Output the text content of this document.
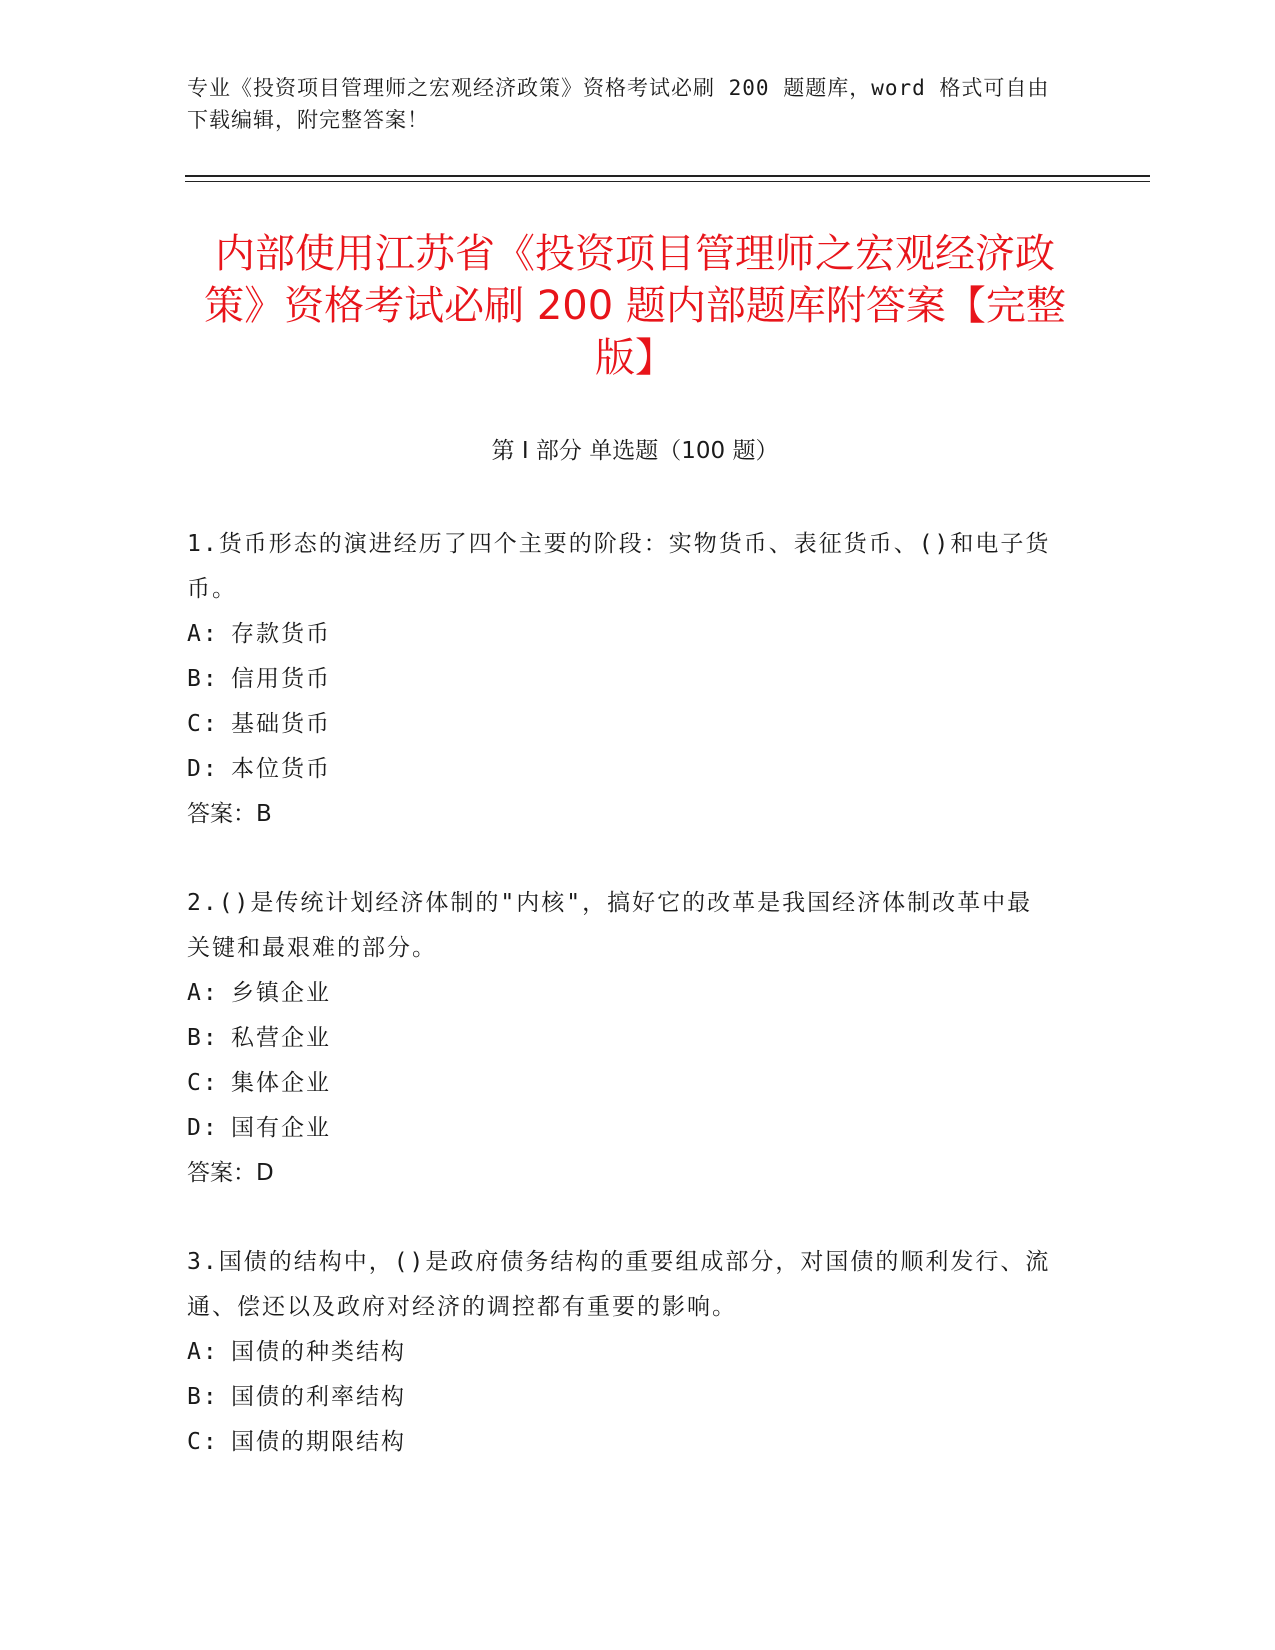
专业《投资项目管理师之宏观经济政策》资格考试必刷 200 题题库，word 格式可自由下载编辑，附完整答案！
内部使用江苏省《投资项目管理师之宏观经济政策》资格考试必刷 200 题内部题库附答案【完整版】
第 I 部分 单选题（100 题）
1.货币形态的演进经历了四个主要的阶段：实物货币、表征货币、()和电子货币。
A: 存款货币
B: 信用货币
C: 基础货币
D: 本位货币
答案：B
2.()是传统计划经济体制的"内核"，搞好它的改革是我国经济体制改革中最关键和最艰难的部分。
A: 乡镇企业
B: 私营企业
C: 集体企业
D: 国有企业
答案：D
3.国债的结构中，()是政府债务结构的重要组成部分，对国债的顺利发行、流通、偿还以及政府对经济的调控都有重要的影响。
A: 国债的种类结构
B: 国债的利率结构
C: 国债的期限结构
